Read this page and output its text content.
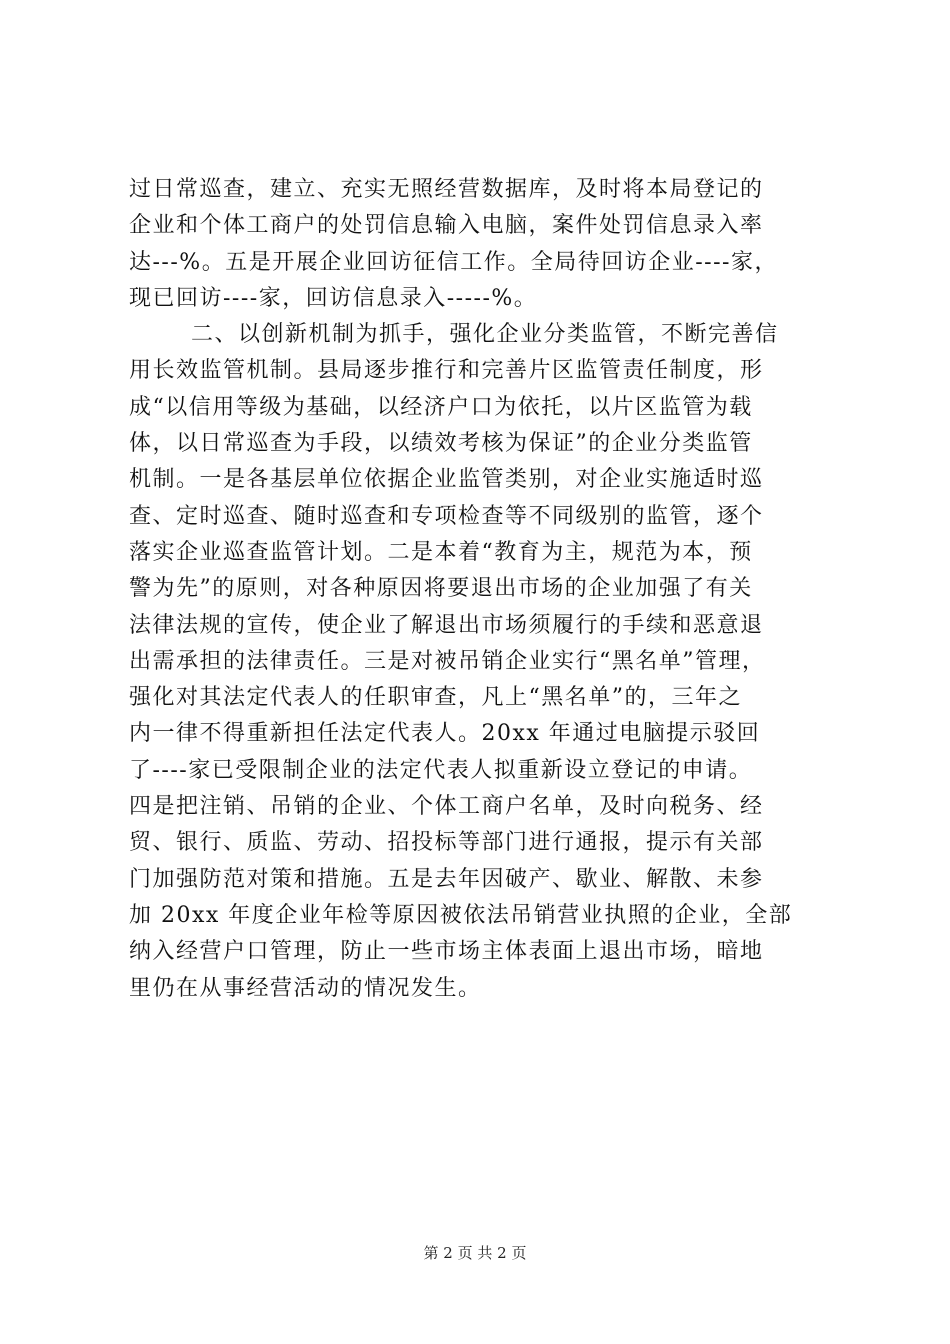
过日常巡查，建立、充实无照经营数据库，及时将本局登记的
企业和个体工商户的处罚信息输入电脑，案件处罚信息录入率
达---%。五是开展企业回访征信工作。全局待回访企业----家，
现已回访----家，回访信息录入-----%。
二、以创新机制为抓手，强化企业分类监管，不断完善信
用长效监管机制。县局逐步推行和完善片区监管责任制度，形
成“以信用等级为基础，以经济户口为依托，以片区监管为载
体，以日常巡查为手段，以绩效考核为保证”的企业分类监管
机制。一是各基层单位依据企业监管类别，对企业实施适时巡
查、定时巡查、随时巡查和专项检查等不同级别的监管，逐个
落实企业巡查监管计划。二是本着“教育为主，规范为本，预
警为先”的原则，对各种原因将要退出市场的企业加强了有关
法律法规的宣传，使企业了解退出市场须履行的手续和恶意退
出需承担的法律责任。三是对被吊销企业实行“黑名单”管理，
强化对其法定代表人的任职审查，凡上“黑名单”的，三年之
内一律不得重新担任法定代表人。20xx 年通过电脑提示驳回
了----家已受限制企业的法定代表人拟重新设立登记的申请。
四是把注销、吊销的企业、个体工商户名单，及时向税务、经
贸、银行、质监、劳动、招投标等部门进行通报，提示有关部
门加强防范对策和措施。五是去年因破产、歇业、解散、未参
加 20xx 年度企业年检等原因被依法吊销营业执照的企业，全部
纳入经营户口管理，防止一些市场主体表面上退出市场，暗地
里仍在从事经营活动的情况发生。
第 2 页 共 2 页
